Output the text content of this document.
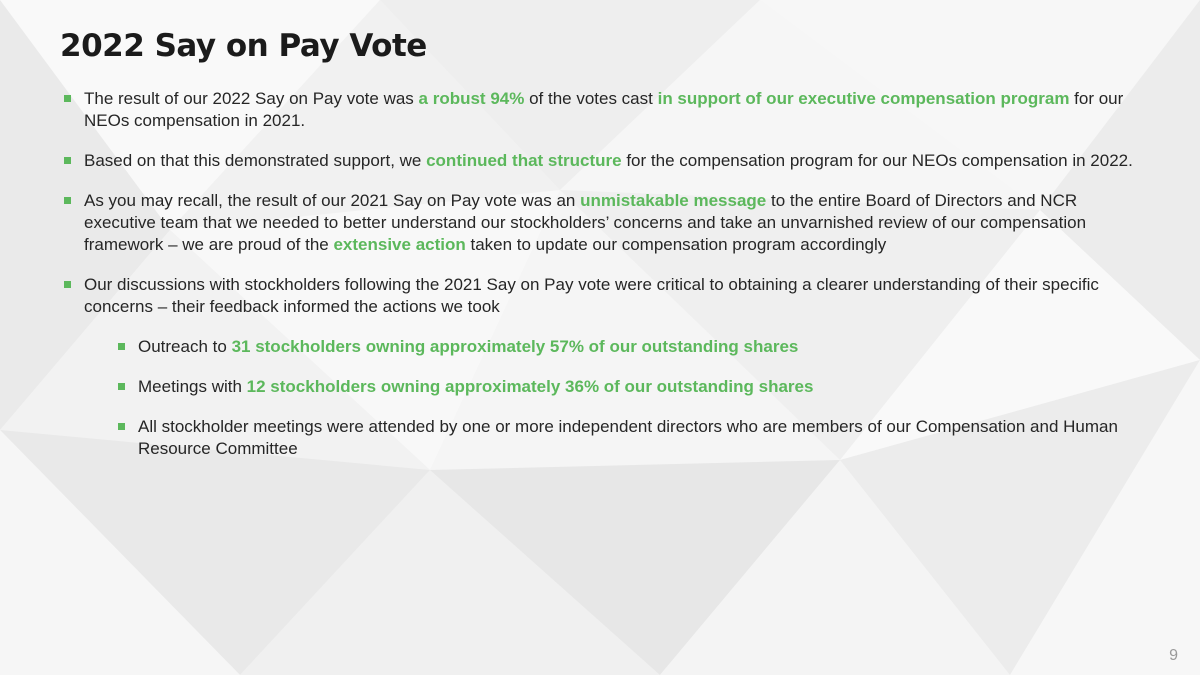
2022 Say on Pay Vote
The result of our 2022 Say on Pay vote was a robust 94% of the votes cast in support of our executive compensation program for our NEOs compensation in 2021.
Based on that this demonstrated support, we continued that structure for the compensation program for our NEOs compensation in 2022.
As you may recall, the result of our 2021 Say on Pay vote was an unmistakable message to the entire Board of Directors and NCR executive team that we needed to better understand our stockholders’ concerns and take an unvarnished review of our compensation framework – we are proud of the extensive action taken to update our compensation program accordingly
Our discussions with stockholders following the 2021 Say on Pay vote were critical to obtaining a clearer understanding of their specific concerns – their feedback informed the actions we took
Outreach to 31 stockholders owning approximately 57% of our outstanding shares
Meetings with 12 stockholders owning approximately 36% of our outstanding shares
All stockholder meetings were attended by one or more independent directors who are members of our Compensation and Human Resource Committee
9
